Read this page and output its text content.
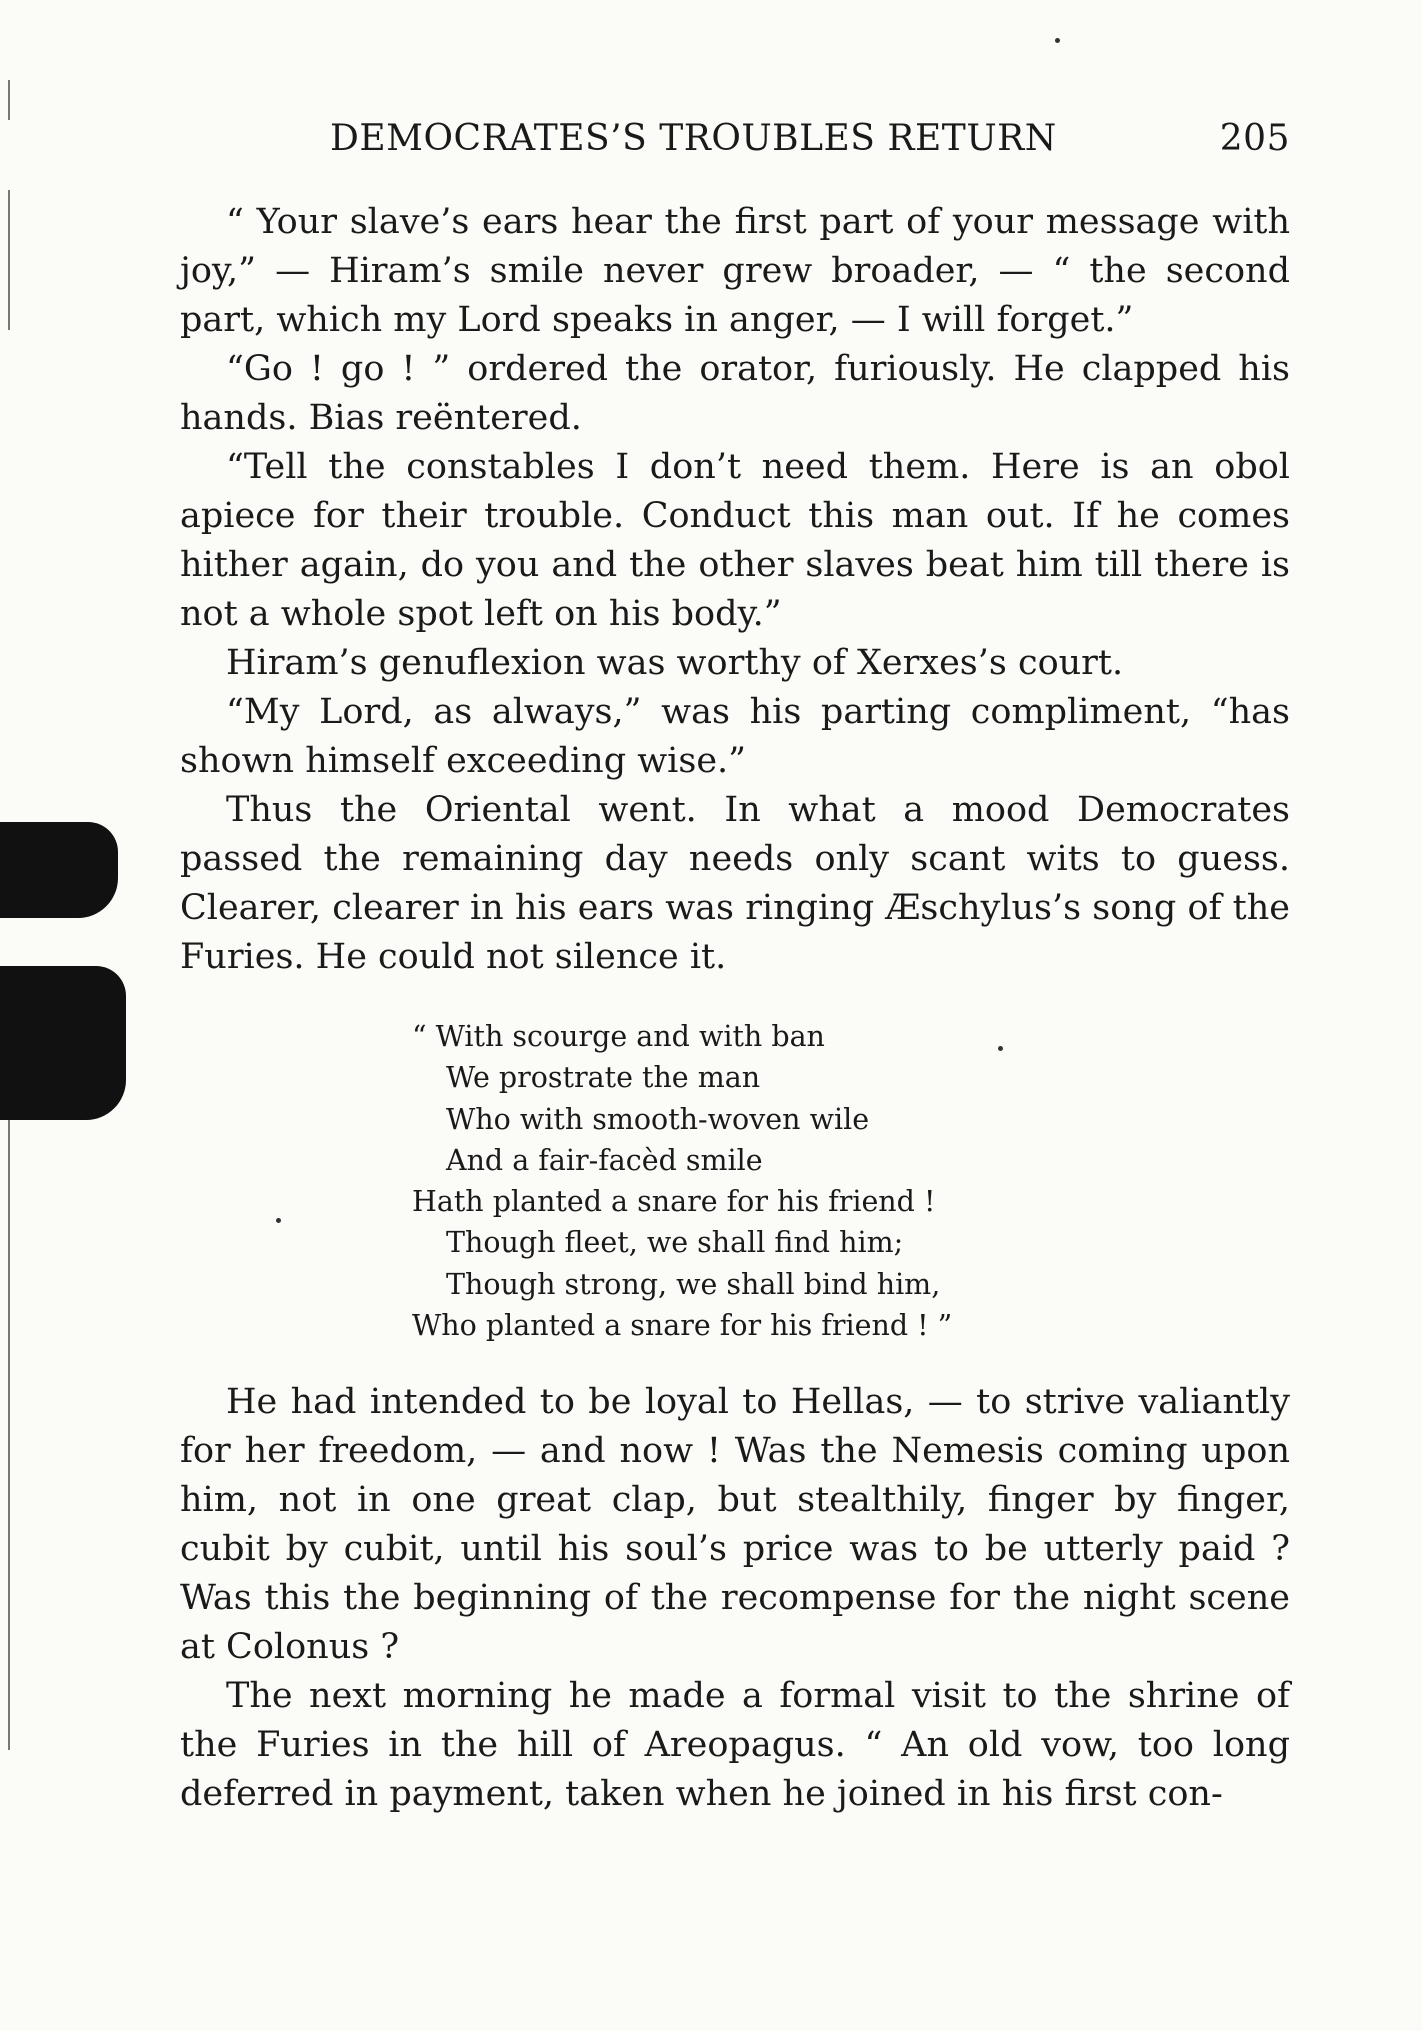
DEMOCRATES’S TROUBLES RETURN	205

“ Your slave’s ears hear the first part of your message with joy,” — Hiram’s smile never grew broader, — “ the second part, which my Lord speaks in anger, — I will forget.”

“Go ! go ! ” ordered the orator, furiously. He clapped his hands. Bias reëntered.

“Tell the constables I don’t need them. Here is an obol apiece for their trouble. Conduct this man out. If he comes hither again, do you and the other slaves beat him till there is not a whole spot left on his body.”

Hiram’s genuflexion was worthy of Xerxes’s court.

“My Lord, as always,” was his parting compliment, “has shown himself exceeding wise.”

Thus the Oriental went. In what a mood Democrates passed the remaining day needs only scant wits to guess. Clearer, clearer in his ears was ringing Æschylus’s song of the Furies. He could not silence it.

“ With scourge and with ban
We prostrate the man
Who with smooth-woven wile
And a fair-facèd smile
Hath planted a snare for his friend !
Though fleet, we shall find him;
Though strong, we shall bind him,
Who planted a snare for his friend ! ”

He had intended to be loyal to Hellas, — to strive valiantly for her freedom, — and now ! Was the Nemesis coming upon him, not in one great clap, but stealthily, finger by finger, cubit by cubit, until his soul’s price was to be utterly paid ? Was this the beginning of the recompense for the night scene at Colonus ?

The next morning he made a formal visit to the shrine of the Furies in the hill of Areopagus. “ An old vow, too long deferred in payment, taken when he joined in his first con-
